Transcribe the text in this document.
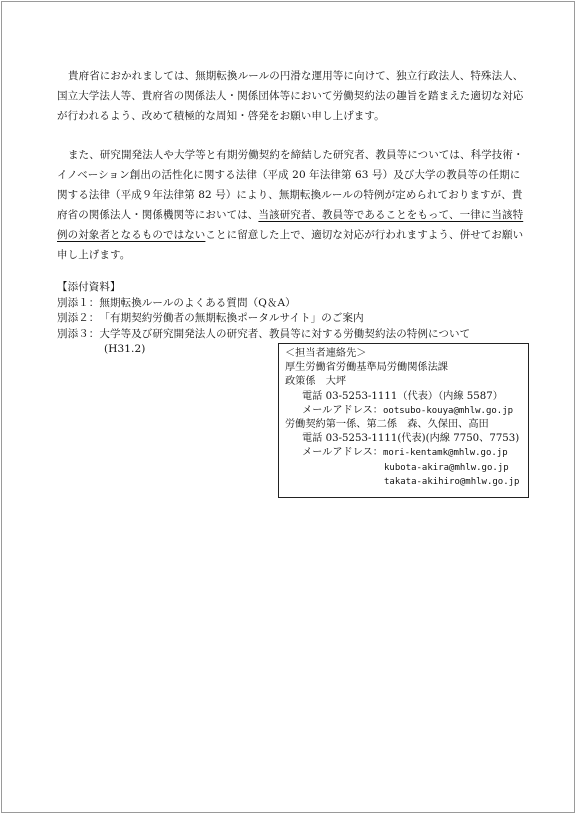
貴府省におかれましては、無期転換ルールの円滑な運用等に向けて、独立行政法人、特殊法人、国立大学法人等、貴府省の関係法人・関係団体等において労働契約法の趣旨を踏まえた適切な対応が行われるよう、改めて積極的な周知・啓発をお願い申し上げます。

また、研究開発法人や大学等と有期労働契約を締結した研究者、教員等については、科学技術・イノベーション創出の活性化に関する法律（平成 20 年法律第 63 号）及び大学の教員等の任期に関する法律（平成９年法律第 82 号）により、無期転換ルールの特例が定められておりますが、貴府省の関係法人・関係機関等においては、当該研究者、教員等であることをもって、一律に当該特例の対象者となるものではないことに留意した上で、適切な対応が行われますよう、併せてお願い申し上げます。

【添付資料】
別添１： 無期転換ルールのよくある質問（Q＆A）
別添２： 「有期契約労働者の無期転換ポータルサイト」のご案内
別添３： 大学等及び研究開発法人の研究者、教員等に対する労働契約法の特例について
(H31.2)	＜担当者連絡先＞
厚生労働省労働基準局労働関係法課
政策係　大坪
電話 03-5253-1111（代表）（内線 5587）
メールアドレス：ootsubo-kouya@mhlw.go.jp
労働契約第一係、第二係　森、久保田、高田
電話 03-5253-1111(代表)(内線 7750、7753)
メールアドレス：mori-kentamk@mhlw.go.jp
kubota-akira@mhlw.go.jp
takata-akihiro@mhlw.go.jp
